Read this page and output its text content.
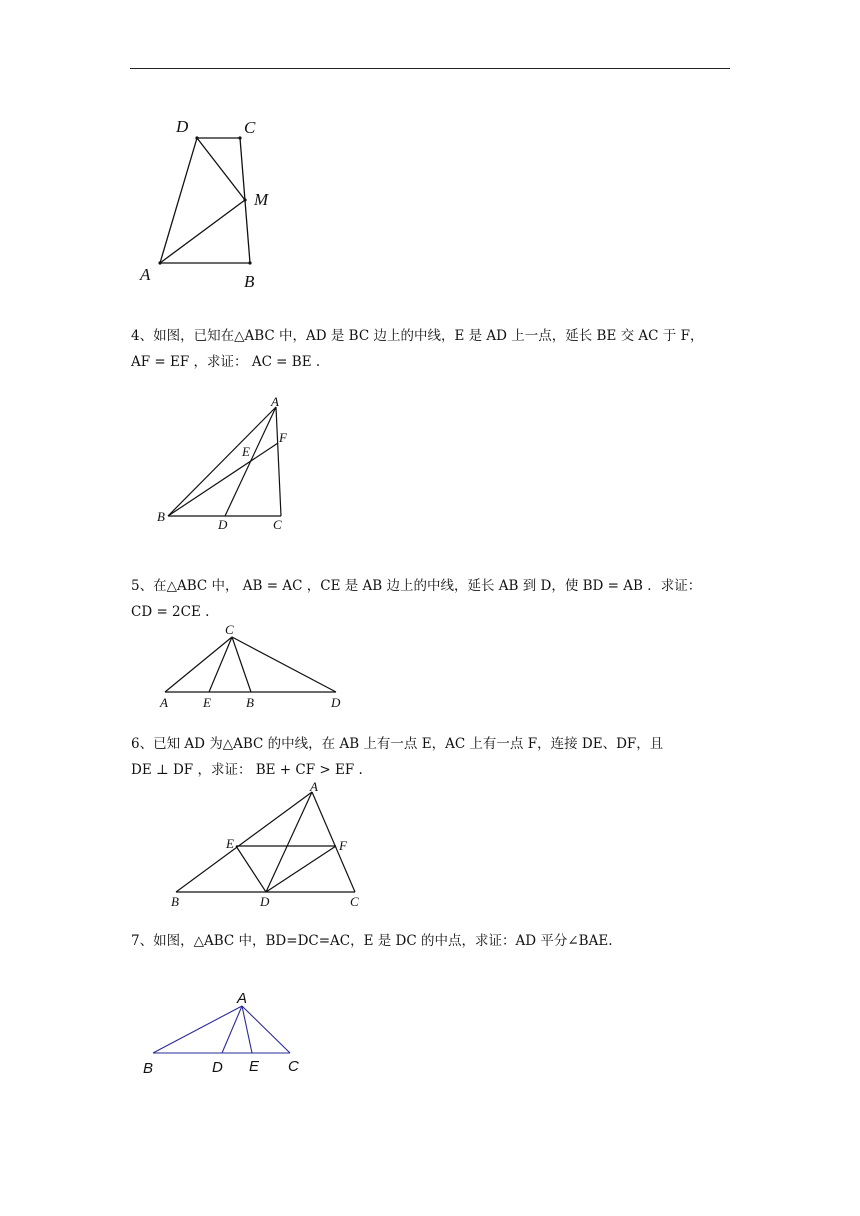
D	C
M
A	B
4、如图，已知在△ABC 中，AD 是 BC 边上的中线，E 是 AD 上一点，延长 BE 交 AC 于 F，
AF = EF ，求证： AC = BE .
A
F
E
B
D	C
5、在△ABC 中， AB = AC ，CE 是 AB 边上的中线，延长 AB 到 D，使 BD = AB ．求证：
CD = 2CE .
C
A	E	B	D
6、已知 AD 为△ABC 的中线，在 AB 上有一点 E，AC 上有一点 F，连接 DE、DF，且
DE ⊥ DF ，求证： BE + CF > EF .
A
E	F
B	D	C
7、如图，△ABC 中，BD=DC=AC，E 是 DC 的中点，求证：AD 平分∠BAE.
A
B	D E C
